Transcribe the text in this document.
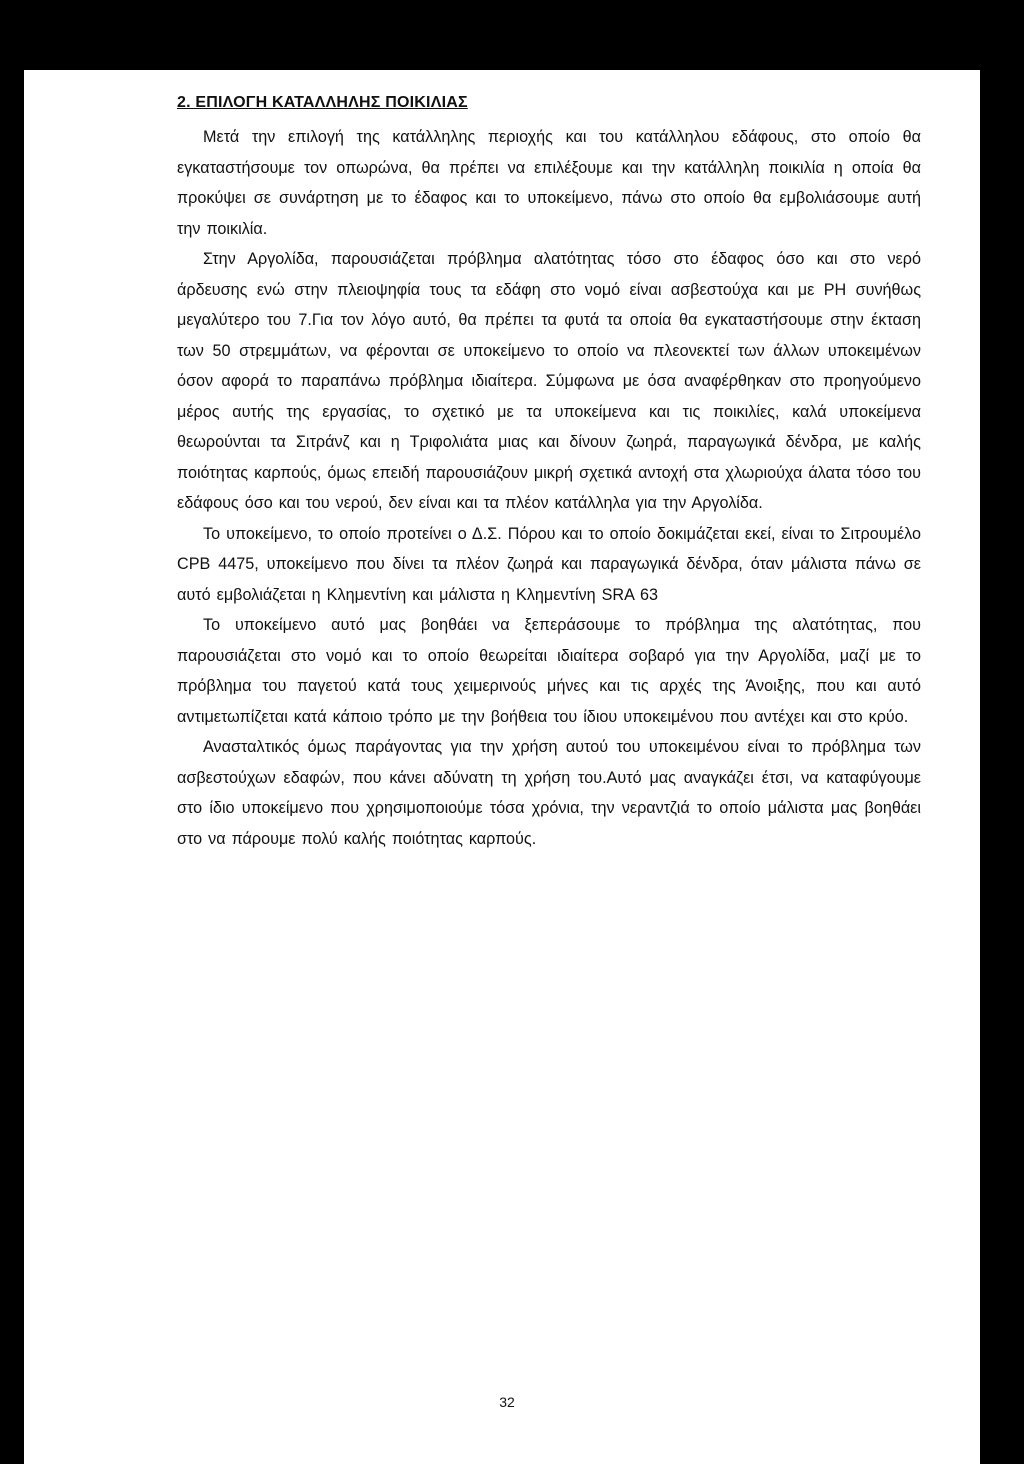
2. ΕΠΙΛΟΓΗ ΚΑΤΑΛΛΗΛΗΣ ΠΟΙΚΙΛΙΑΣ

Μετά την επιλογή της κατάλληλης περιοχής και του κατάλληλου εδάφους, στο οποίο θα εγκαταστήσουμε τον οπωρώνα, θα πρέπει να επιλέξουμε και την κατάλληλη ποικιλία η οποία θα προκύψει σε συνάρτηση με το έδαφος και το υποκείμενο, πάνω στο οποίο θα εμβολιάσουμε αυτή την ποικιλία.

Στην Αργολίδα, παρουσιάζεται πρόβλημα αλατότητας τόσο στο έδαφος όσο και στο νερό άρδευσης ενώ στην πλειοψηφία τους τα εδάφη στο νομό είναι ασβεστούχα και με PH συνήθως μεγαλύτερο του 7.Για τον λόγο αυτό, θα πρέπει τα φυτά τα οποία θα εγκαταστήσουμε στην έκταση των 50 στρεμμάτων, να φέρονται σε υποκείμενο το οποίο να πλεονεκτεί των άλλων υποκειμένων όσον αφορά το παραπάνω πρόβλημα ιδιαίτερα. Σύμφωνα με όσα αναφέρθηκαν στο προηγούμενο μέρος αυτής της εργασίας, το σχετικό με τα υποκείμενα και τις ποικιλίες, καλά υποκείμενα θεωρούνται τα Σιτράνζ και η Τριφολιάτα μιας και δίνουν ζωηρά, παραγωγικά δένδρα, με καλής ποιότητας καρπούς, όμως επειδή παρουσιάζουν μικρή σχετικά αντοχή στα χλωριούχα άλατα τόσο του εδάφους όσο και του νερού, δεν είναι και τα πλέον κατάλληλα για την Αργολίδα.

Το υποκείμενο, το οποίο προτείνει ο Δ.Σ. Πόρου και το οποίο δοκιμάζεται εκεί, είναι το Σιτρουμέλο CPB 4475, υποκείμενο που δίνει τα πλέον ζωηρά και παραγωγικά δένδρα, όταν μάλιστα πάνω σε αυτό εμβολιάζεται η Κλημεντίνη και μάλιστα η Κλημεντίνη SRA 63

Το υποκείμενο αυτό μας βοηθάει να ξεπεράσουμε το πρόβλημα της αλατότητας, που παρουσιάζεται στο νομό και το οποίο θεωρείται ιδιαίτερα σοβαρό για την Αργολίδα, μαζί με το πρόβλημα του παγετού κατά τους χειμερινούς μήνες και τις αρχές της Άνοιξης, που και αυτό αντιμετωπίζεται κατά κάποιο τρόπο με την βοήθεια του ίδιου υποκειμένου που αντέχει και στο κρύο.

Ανασταλτικός όμως παράγοντας για την χρήση αυτού του υποκειμένου είναι το πρόβλημα των ασβεστούχων εδαφών, που κάνει αδύνατη τη χρήση του.Αυτό μας αναγκάζει έτσι, να καταφύγουμε στο ίδιο υποκείμενο που χρησιμοποιούμε τόσα χρόνια, την νεραντζιά το οποίο μάλιστα μας βοηθάει στο να πάρουμε πολύ καλής ποιότητας καρπούς.

32
